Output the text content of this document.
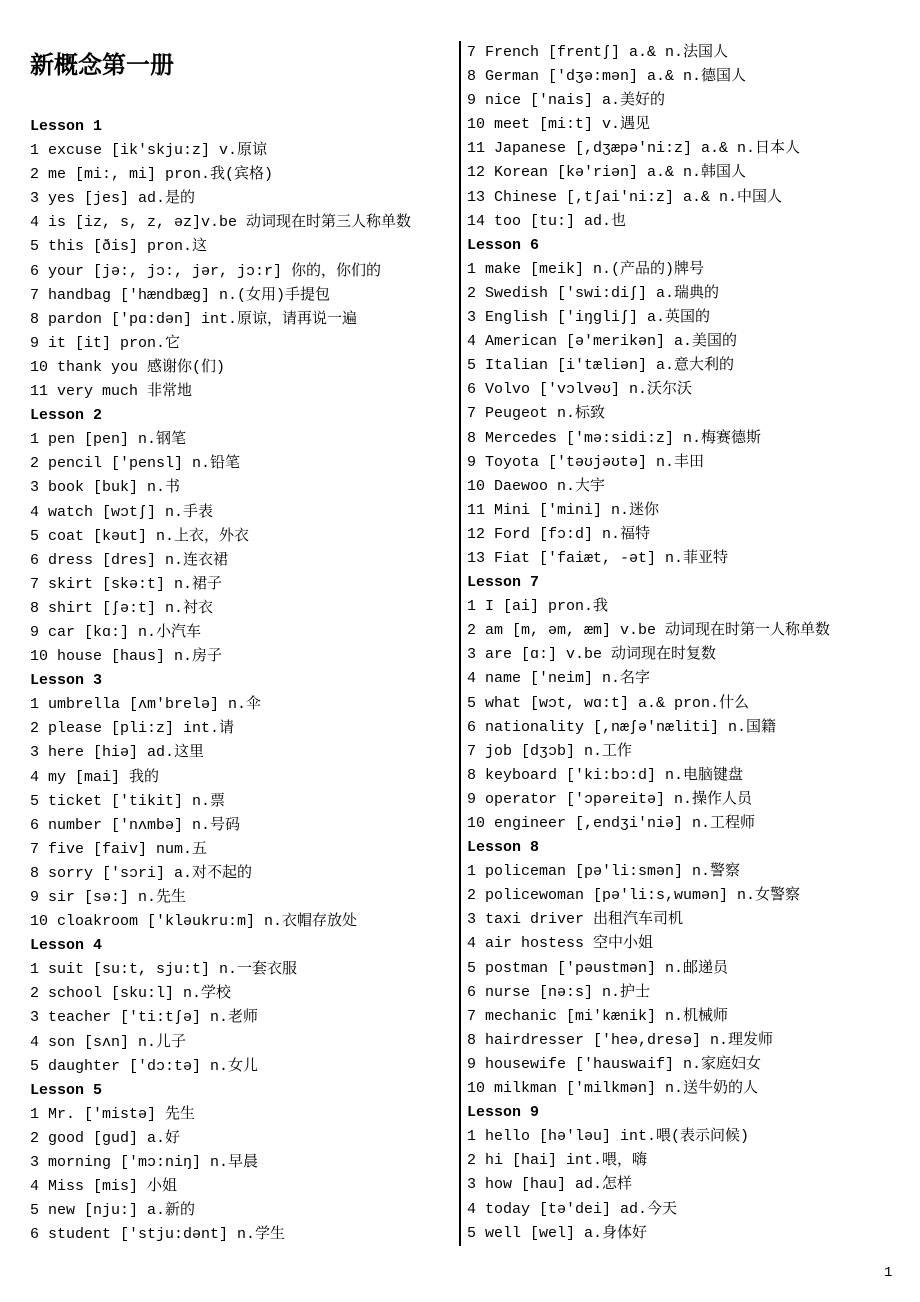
新概念第一册
Lesson 1
1 excuse [ik'skju:z] v.原谅
2 me [mi:, mi] pron.我(宾格)
3 yes [jes] ad.是的
4 is [iz, s, z, əz]v.be 动词现在时第三人称单数
5 this [ðis] pron.这
6 your [jə:, jɔ:, jər, jɔ:r] 你的，你们的
7 handbag ['hændbæg] n.(女用)手提包
8 pardon ['pɑ:dən] int.原谅，请再说一遍
9 it [it] pron.它
10 thank you 感谢你(们)
11 very much 非常地
Lesson 2
1 pen [pen] n.钢笔
2 pencil ['pensl] n.铅笔
3 book [buk] n.书
4 watch [wɔtʃ] n.手表
5 coat [kəut] n.上衣，外衣
6 dress [dres] n.连衣裙
7 skirt [skə:t] n.裙子
8 shirt [ʃə:t] n.衬衣
9 car [kɑ:] n.小汽车
10 house [haus] n.房子
Lesson 3
1 umbrella [ʌm'brelə] n.伞
2 please [pli:z] int.请
3 here [hiə] ad.这里
4 my [mai] 我的
5 ticket ['tikit] n.票
6 number ['nʌmbə] n.号码
7 five [faiv] num.五
8 sorry ['sɔri] a.对不起的
9 sir [sə:] n.先生
10 cloakroom ['kləukru:m] n.衣帽存放处
Lesson 4
1 suit [su:t, sju:t] n.一套衣服
2 school [sku:l] n.学校
3 teacher ['ti:tʃə] n.老师
4 son [sʌn] n.儿子
5 daughter ['dɔ:tə] n.女儿
Lesson 5
1 Mr. ['mistə] 先生
2 good [gud] a.好
3 morning ['mɔ:niŋ] n.早晨
4 Miss [mis] 小姐
5 new [nju:] a.新的
6 student ['stju:dənt] n.学生
7 French [frentʃ] a.& n.法国人
8 German ['dʒə:mən] a.& n.德国人
9 nice ['nais] a.美好的
10 meet [mi:t] v.遇见
11 Japanese [,dʒæpə'ni:z] a.& n.日本人
12 Korean [kə'riən] a.& n.韩国人
13 Chinese [,tʃai'ni:z] a.& n.中国人
14 too [tu:] ad.也
Lesson 6
1 make [meik] n.(产品的)牌号
2 Swedish ['swi:diʃ] a.瑞典的
3 English ['iŋgliʃ] a.英国的
4 American [ə'merikən] a.美国的
5 Italian [i'tæliən] a.意大利的
6 Volvo ['vɔlvəʊ] n.沃尔沃
7 Peugeot n.标致
8 Mercedes ['mə:sidi:z] n.梅赛德斯
9 Toyota ['təʊjəʊtə] n.丰田
10 Daewoo n.大宇
11 Mini ['mini] n.迷你
12 Ford [fɔ:d] n.福特
13 Fiat ['faiæt, -ət] n.菲亚特
Lesson 7
1 I [ai] pron.我
2 am [m, əm, æm] v.be 动词现在时第一人称单数
3 are [ɑ:] v.be 动词现在时复数
4 name ['neim] n.名字
5 what [wɔt, wɑ:t] a.& pron.什么
6 nationality [,næʃə'næliti] n.国籍
7 job [dʒɔb] n.工作
8 keyboard ['ki:bɔ:d] n.电脑键盘
9 operator ['ɔpəreitə] n.操作人员
10 engineer [,endʒi'niə] n.工程师
Lesson 8
1 policeman [pə'li:smən] n.警察
2 policewoman [pə'li:s,wumən] n.女警察
3 taxi driver 出租汽车司机
4 air hostess 空中小姐
5 postman ['pəustmən] n.邮递员
6 nurse [nə:s] n.护士
7 mechanic [mi'kænik] n.机械师
8 hairdresser ['heə,dresə] n.理发师
9 housewife ['hauswaif] n.家庭妇女
10 milkman ['milkmən] n.送牛奶的人
Lesson 9
1 hello [hə'ləu] int.喂(表示问候)
2 hi [hai] int.喂，嗨
3 how [hau] ad.怎样
4 today [tə'dei] ad.今天
5 well [wel] a.身体好
1
